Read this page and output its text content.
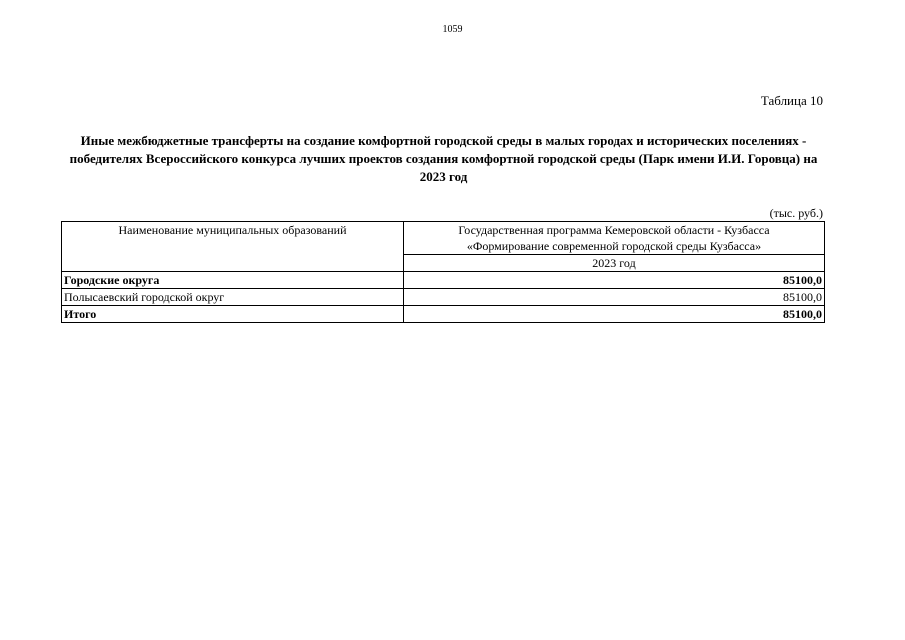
1059
Таблица 10
Иные межбюджетные трансферты на создание комфортной городской среды в малых городах и исторических поселениях - победителях Всероссийского конкурса лучших проектов создания комфортной городской среды (Парк имени И.И. Горовца) на 2023 год
(тыс. руб.)
Наименование муниципальных образований	Государственная программа Кемеровской области - Кузбасса
«Формирование современной городской среды Кузбасса»

	2023 год
Городские округа	85100,0
Полысаевский городской округ	85100,0
Итого	85100,0
